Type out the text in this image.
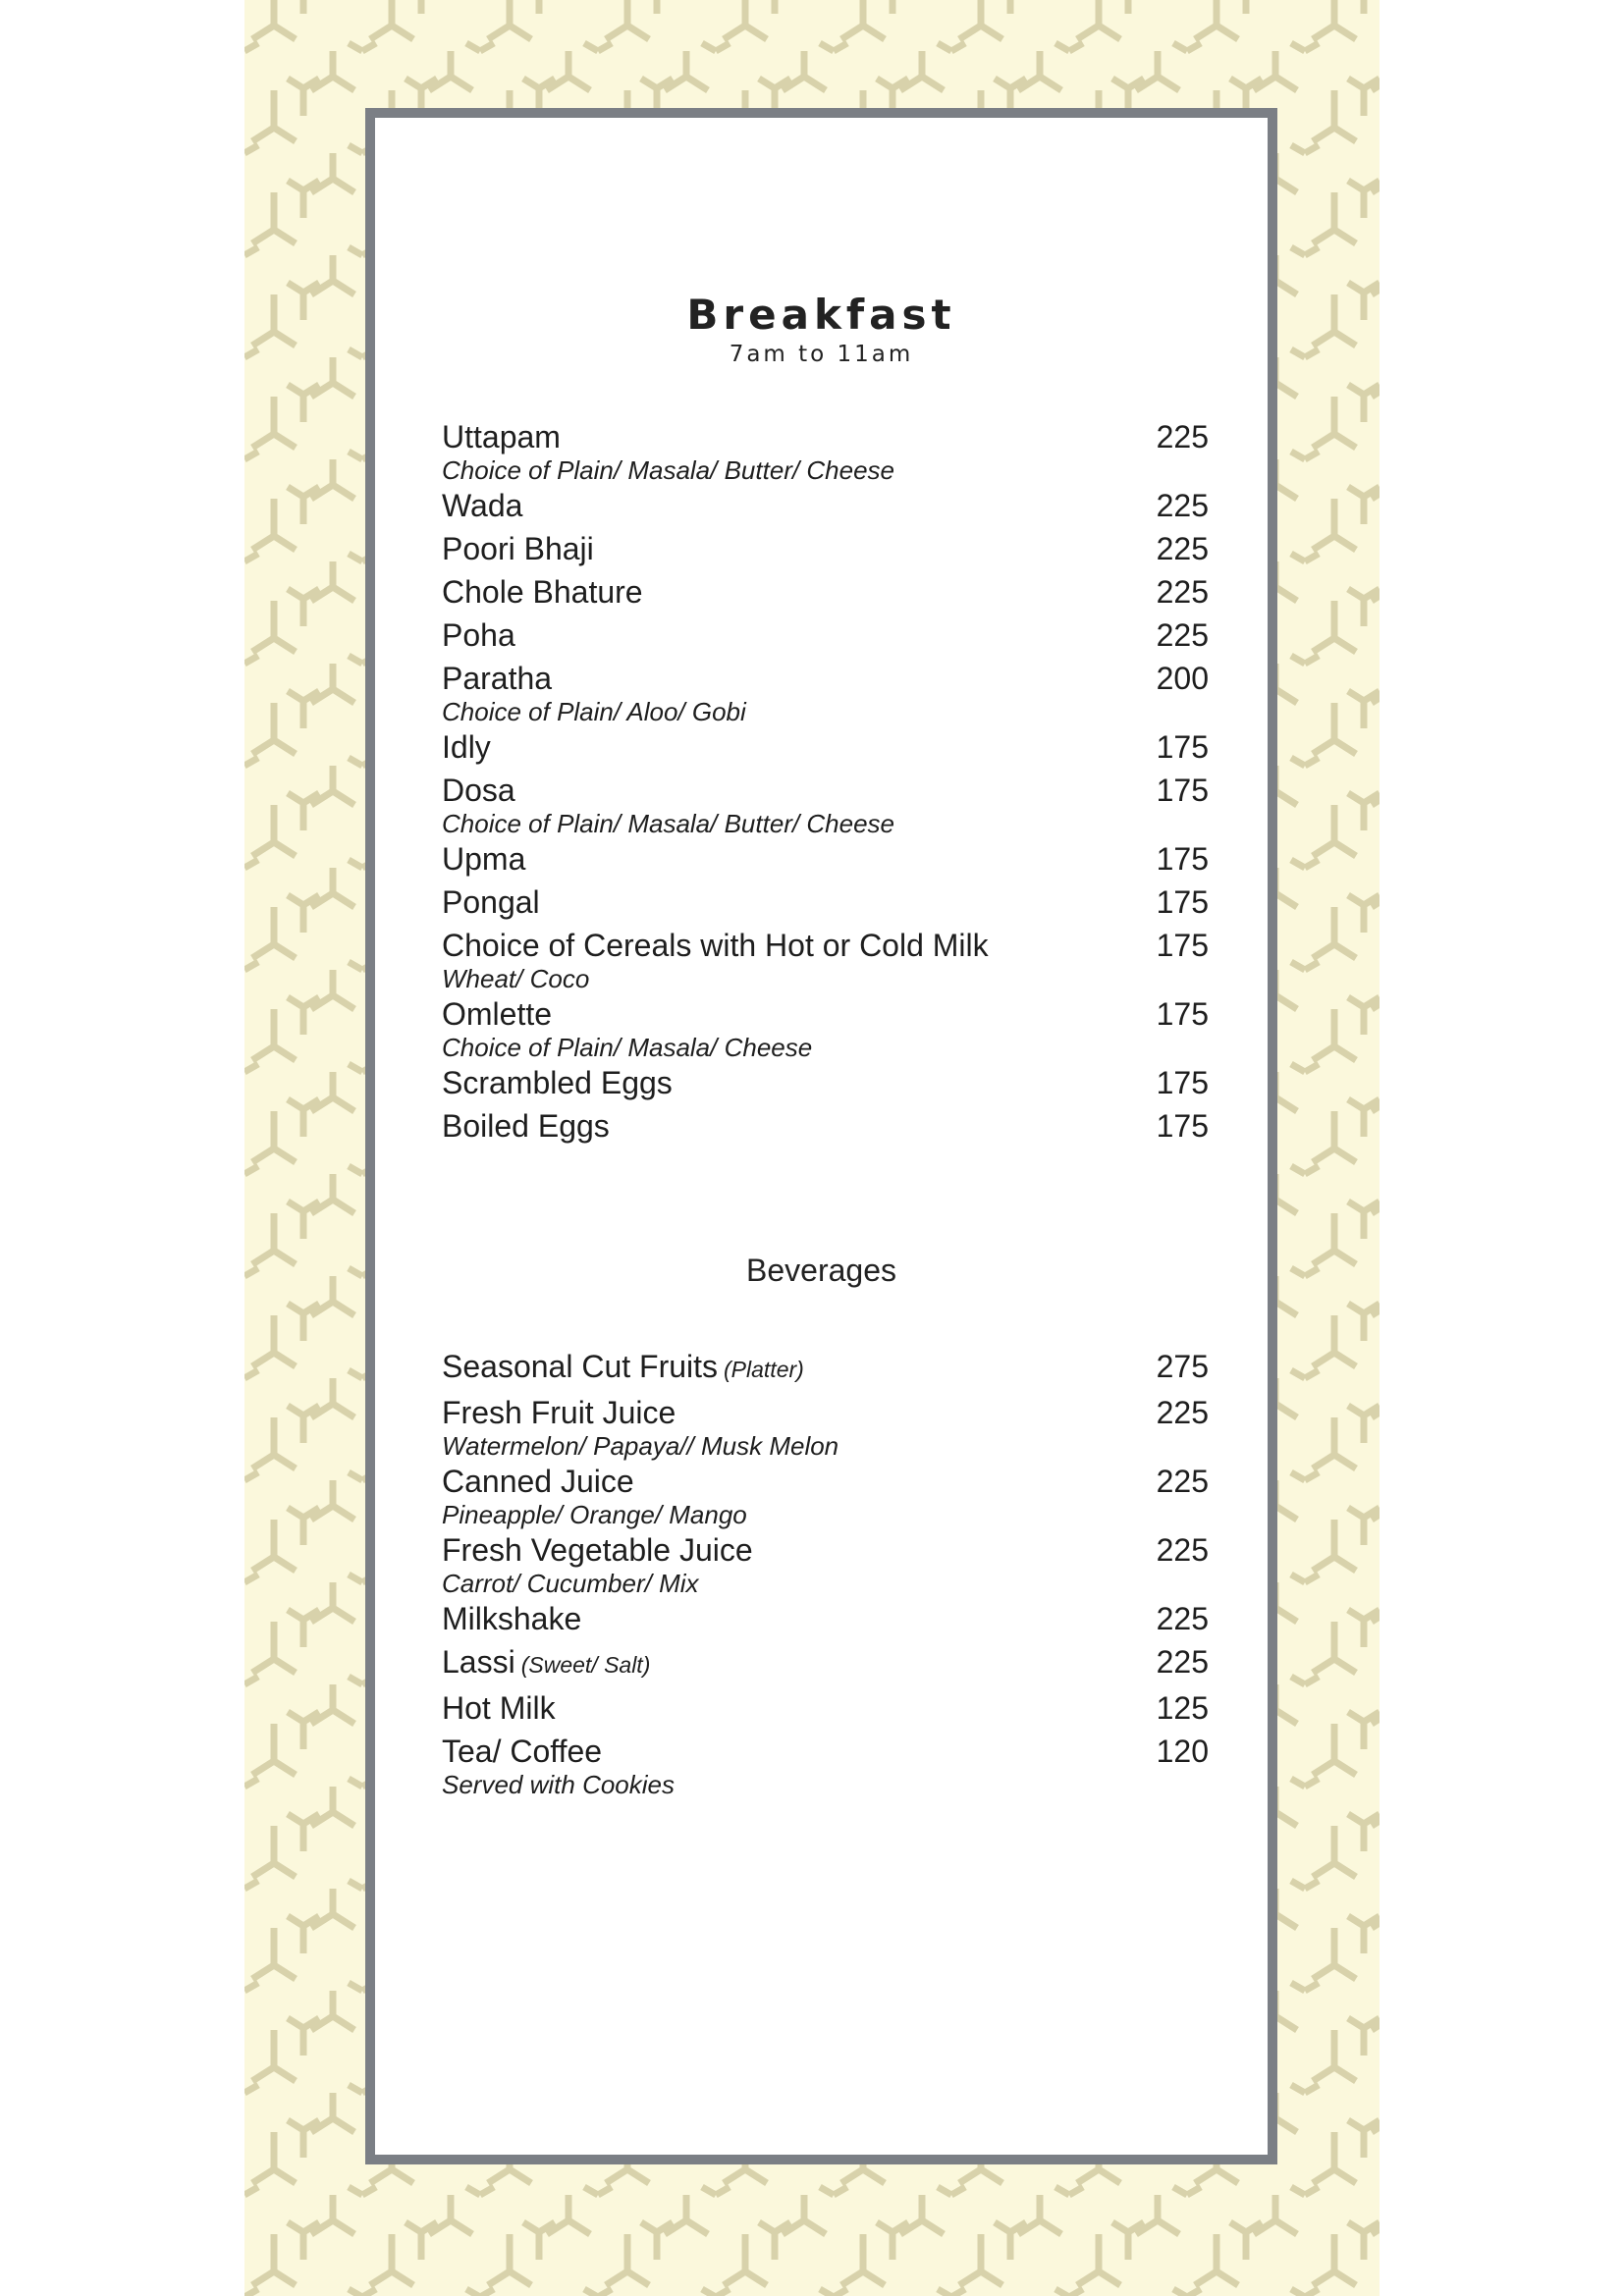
Breakfast
7am to 11am
Uttapam	225
Choice of Plain/ Masala/ Butter/ Cheese
Wada	225
Poori Bhaji	225
Chole Bhature	225
Poha	225
Paratha	200
Choice of Plain/ Aloo/ Gobi
Idly	175
Dosa	175
Choice of Plain/ Masala/ Butter/ Cheese
Upma	175
Pongal	175
Choice of Cereals with Hot or Cold Milk	175
Wheat/ Coco
Omlette	175
Choice of Plain/ Masala/ Cheese
Scrambled Eggs	175
Boiled Eggs	175
Beverages
Seasonal Cut Fruits (Platter)	275
Fresh Fruit Juice	225
Watermelon/ Papaya// Musk Melon
Canned Juice	225
Pineapple/ Orange/ Mango
Fresh Vegetable Juice	225
Carrot/ Cucumber/ Mix
Milkshake	225
Lassi (Sweet/ Salt)	225
Hot Milk	125
Tea/ Coffee	120
Served with Cookies
